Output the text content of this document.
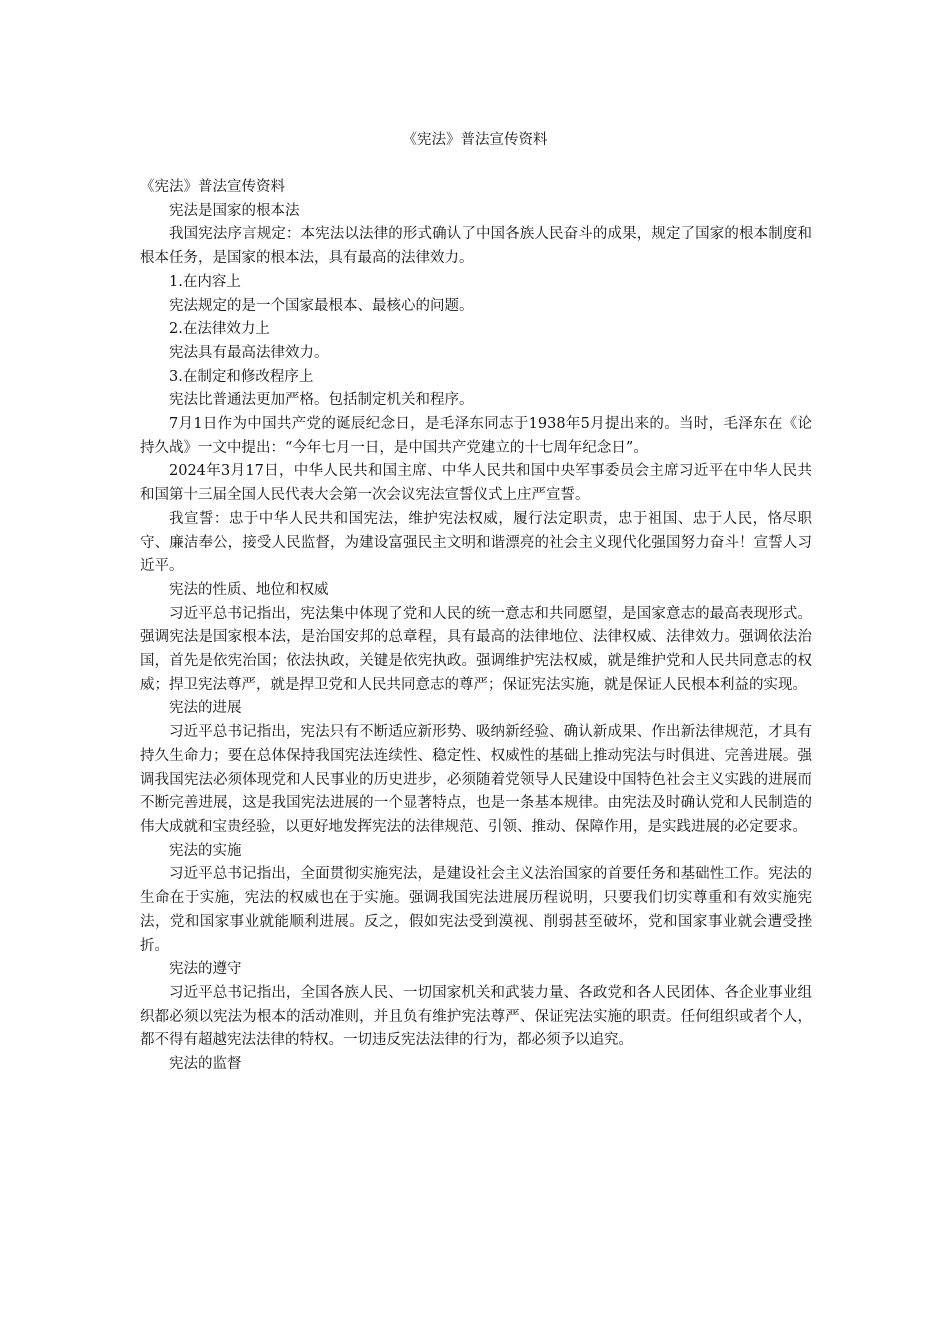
《宪法》普法宣传资料

《宪法》普法宣传资料

宪法是国家的根本法

我国宪法序言规定：本宪法以法律的形式确认了中国各族人民奋斗的成果，规定了国家的根本制度和根本任务，是国家的根本法，具有最高的法律效力。

1.在内容上

宪法规定的是一个国家最根本、最核心的问题。

2.在法律效力上

宪法具有最高法律效力。

3.在制定和修改程序上

宪法比普通法更加严格。包括制定机关和程序。

7月1日作为中国共产党的诞辰纪念日，是毛泽东同志于1938年5月提出来的。当时，毛泽东在《论持久战》一文中提出：“今年七月一日，是中国共产党建立的十七周年纪念日”。

2024年3月17日，中华人民共和国主席、中华人民共和国中央军事委员会主席习近平在中华人民共和国第十三届全国人民代表大会第一次会议宪法宣誓仪式上庄严宣誓。

我宣誓：忠于中华人民共和国宪法，维护宪法权威，履行法定职责，忠于祖国、忠于人民，恪尽职守、廉洁奉公，接受人民监督，为建设富强民主文明和谐漂亮的社会主义现代化强国努力奋斗！宣誓人习近平。

宪法的性质、地位和权威

习近平总书记指出，宪法集中体现了党和人民的统一意志和共同愿望，是国家意志的最高表现形式。强调宪法是国家根本法，是治国安邦的总章程，具有最高的法律地位、法律权威、法律效力。强调依法治国，首先是依宪治国；依法执政，关键是依宪执政。强调维护宪法权威，就是维护党和人民共同意志的权威；捍卫宪法尊严，就是捍卫党和人民共同意志的尊严；保证宪法实施，就是保证人民根本利益的实现。

宪法的进展

习近平总书记指出，宪法只有不断适应新形势、吸纳新经验、确认新成果、作出新法律规范，才具有持久生命力；要在总体保持我国宪法连续性、稳定性、权威性的基础上推动宪法与时俱进、完善进展。强调我国宪法必须体现党和人民事业的历史进步，必须随着党领导人民建设中国特色社会主义实践的进展而不断完善进展，这是我国宪法进展的一个显著特点，也是一条基本规律。由宪法及时确认党和人民制造的伟大成就和宝贵经验，以更好地发挥宪法的法律规范、引领、推动、保障作用，是实践进展的必定要求。

宪法的实施

习近平总书记指出，全面贯彻实施宪法，是建设社会主义法治国家的首要任务和基础性工作。宪法的生命在于实施，宪法的权威也在于实施。强调我国宪法进展历程说明，只要我们切实尊重和有效实施宪法，党和国家事业就能顺利进展。反之，假如宪法受到漠视、削弱甚至破坏，党和国家事业就会遭受挫折。

宪法的遵守

习近平总书记指出，全国各族人民、一切国家机关和武装力量、各政党和各人民团体、各企业事业组织都必须以宪法为根本的活动准则，并且负有维护宪法尊严、保证宪法实施的职责。任何组织或者个人，都不得有超越宪法法律的特权。一切违反宪法法律的行为，都必须予以追究。

宪法的监督
